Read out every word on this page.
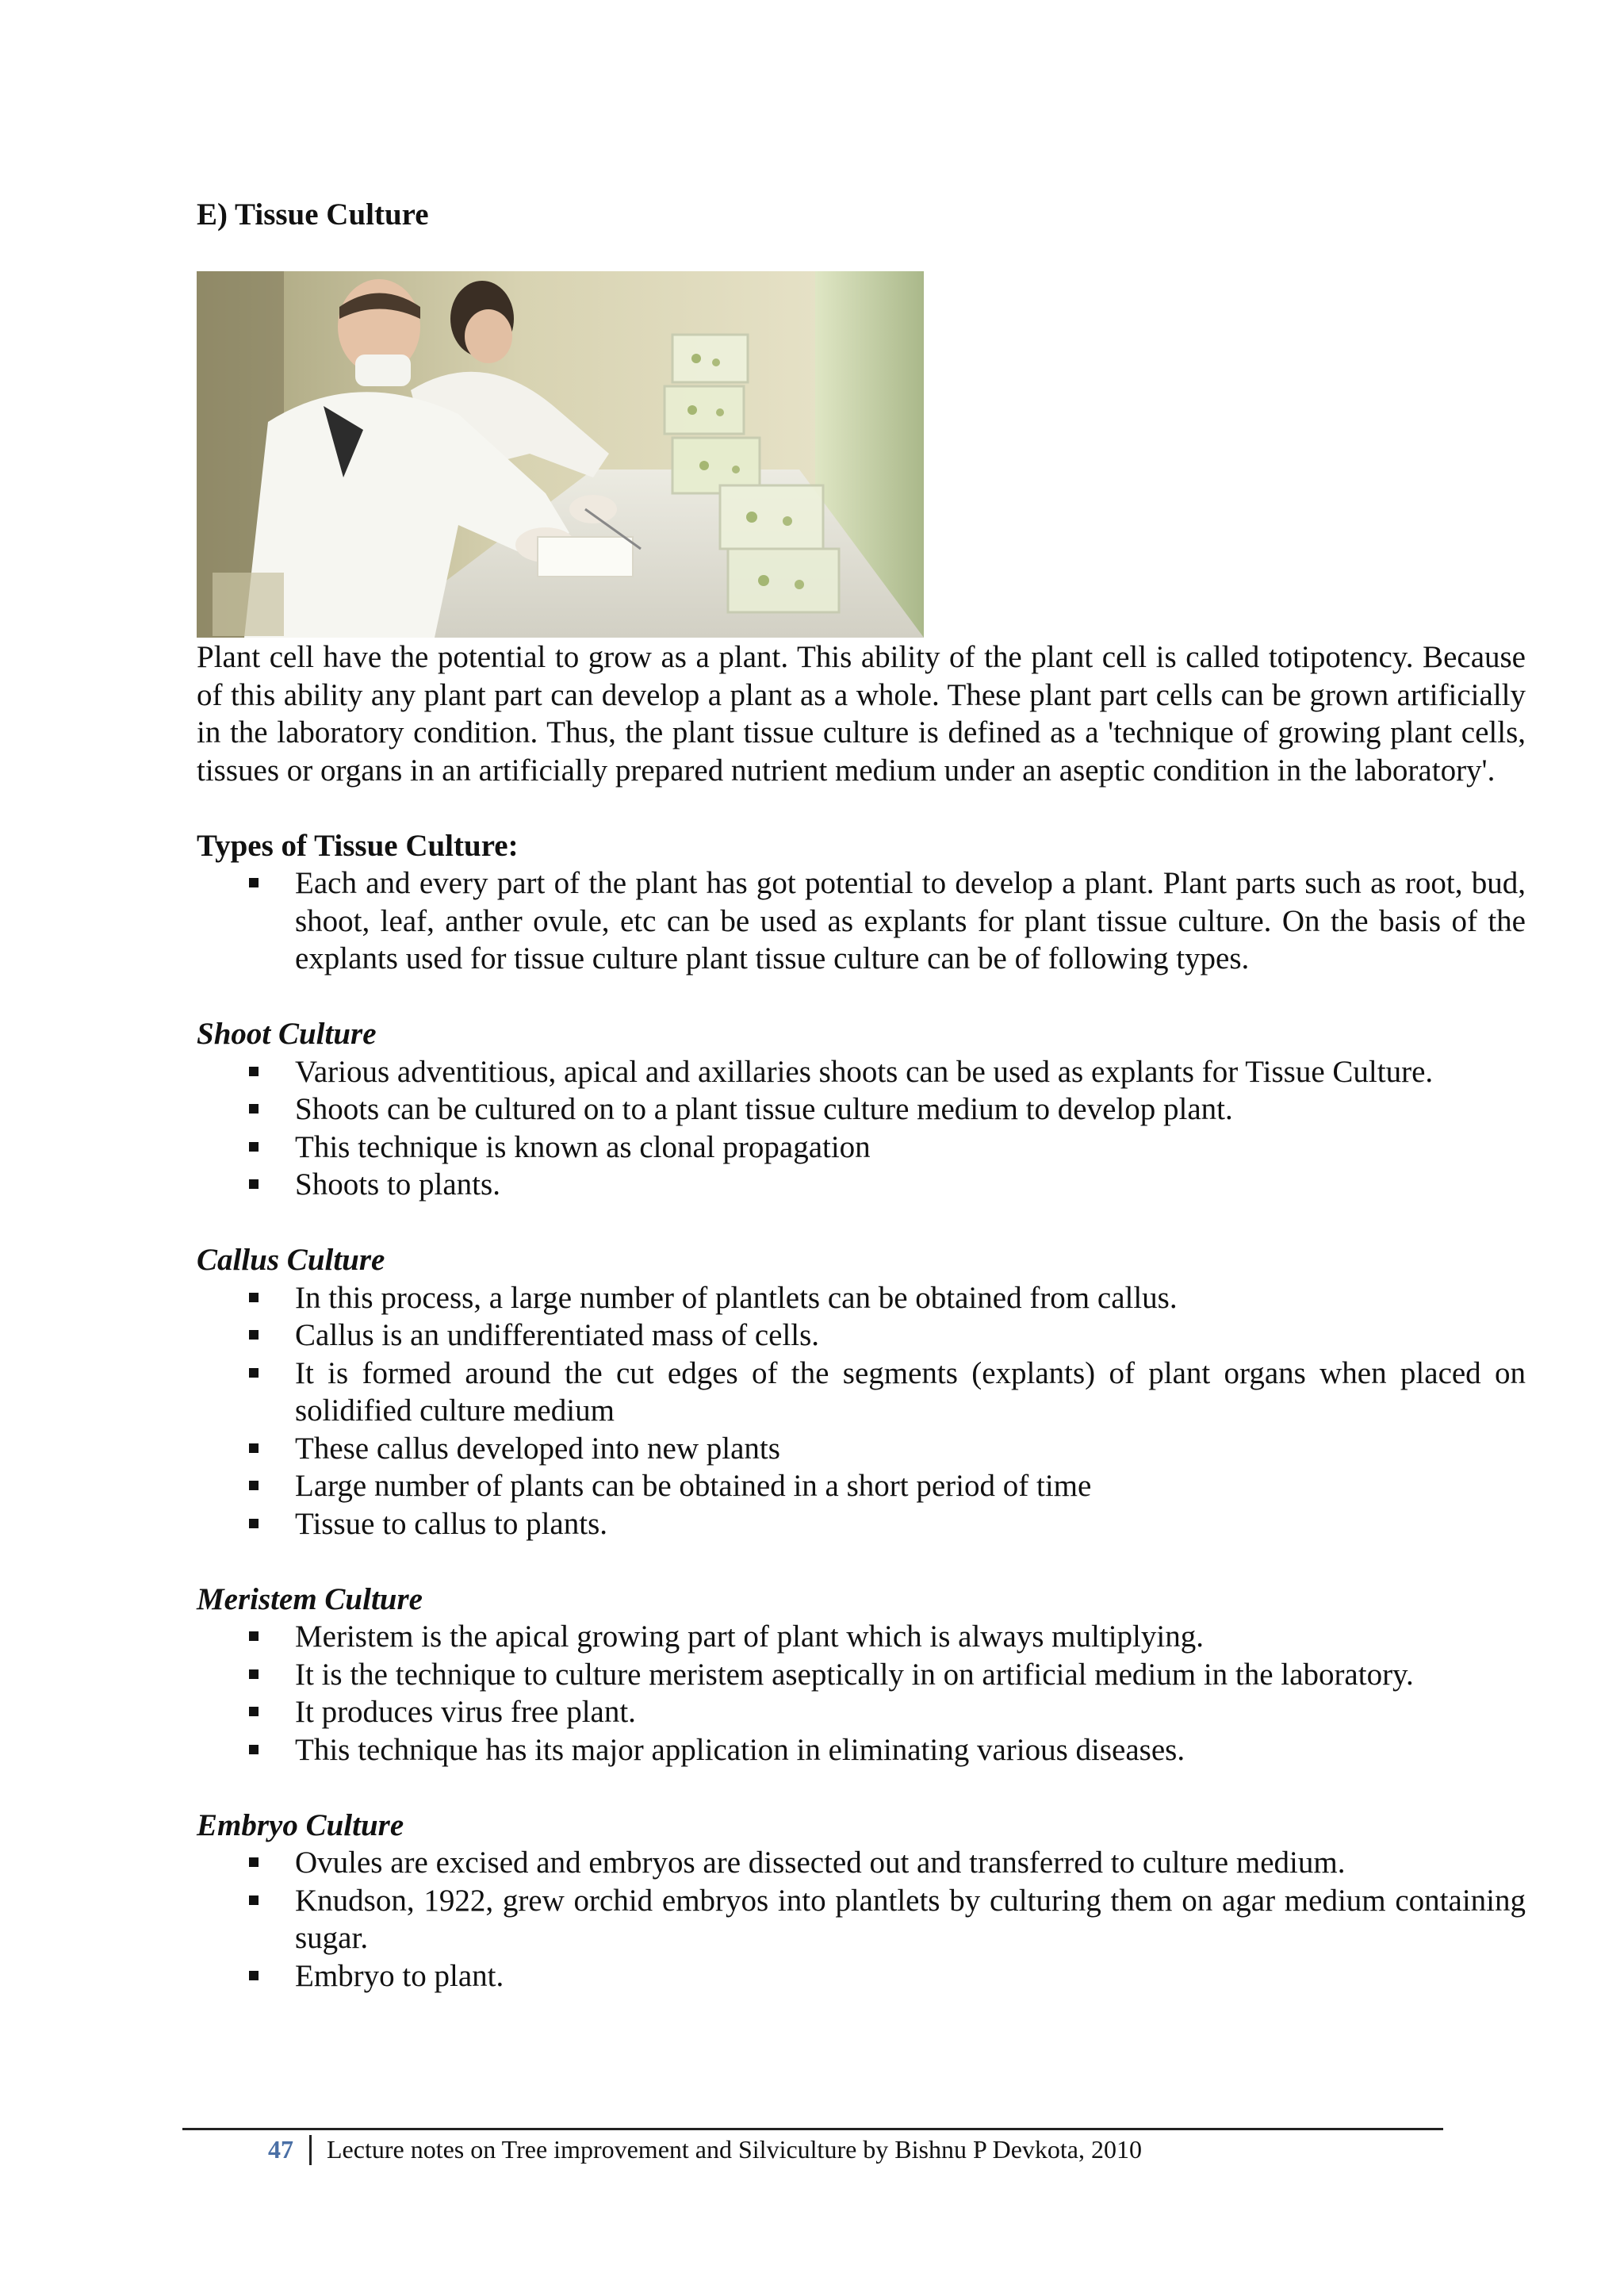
E) Tissue Culture

Plant cell have the potential to grow as a plant. This ability of the plant cell is called totipotency. Because of this ability any plant part can develop a plant as a whole. These plant part cells can be grown artificially in the laboratory condition. Thus, the plant tissue culture is defined as a 'technique of growing plant cells, tissues or organs in an artificially prepared nutrient medium under an aseptic condition in the laboratory'.

Types of Tissue Culture:

Each and every part of the plant has got potential to develop a plant. Plant parts such as root, bud, shoot, leaf, anther ovule, etc can be used as explants for plant tissue culture. On the basis of the explants used for tissue culture plant tissue culture can be of following types.

Shoot Culture

Various adventitious, apical and axillaries shoots can be used as explants for Tissue Culture.
Shoots can be cultured on to a plant tissue culture medium to develop plant.
This technique is known as clonal propagation
Shoots to plants.

Callus Culture

In this process, a large number of plantlets can be obtained from callus.
Callus is an undifferentiated mass of cells.
It is formed around the cut edges of the segments (explants) of plant organs when placed on solidified culture medium
These callus developed into new plants
Large number of plants can be obtained in a short period of time
Tissue to callus to plants.

Meristem Culture

Meristem is the apical growing part of plant which is always multiplying.
It is the technique to culture meristem aseptically in on artificial medium in the laboratory.
It produces virus free plant.
This technique has its major application in eliminating various diseases.

Embryo Culture

Ovules are excised and embryos are dissected out and transferred to culture medium.
Knudson, 1922, grew orchid embryos into plantlets by culturing them on agar medium containing sugar.
Embryo to plant.
47 Lecture notes on Tree improvement and Silviculture by Bishnu P Devkota, 2010
